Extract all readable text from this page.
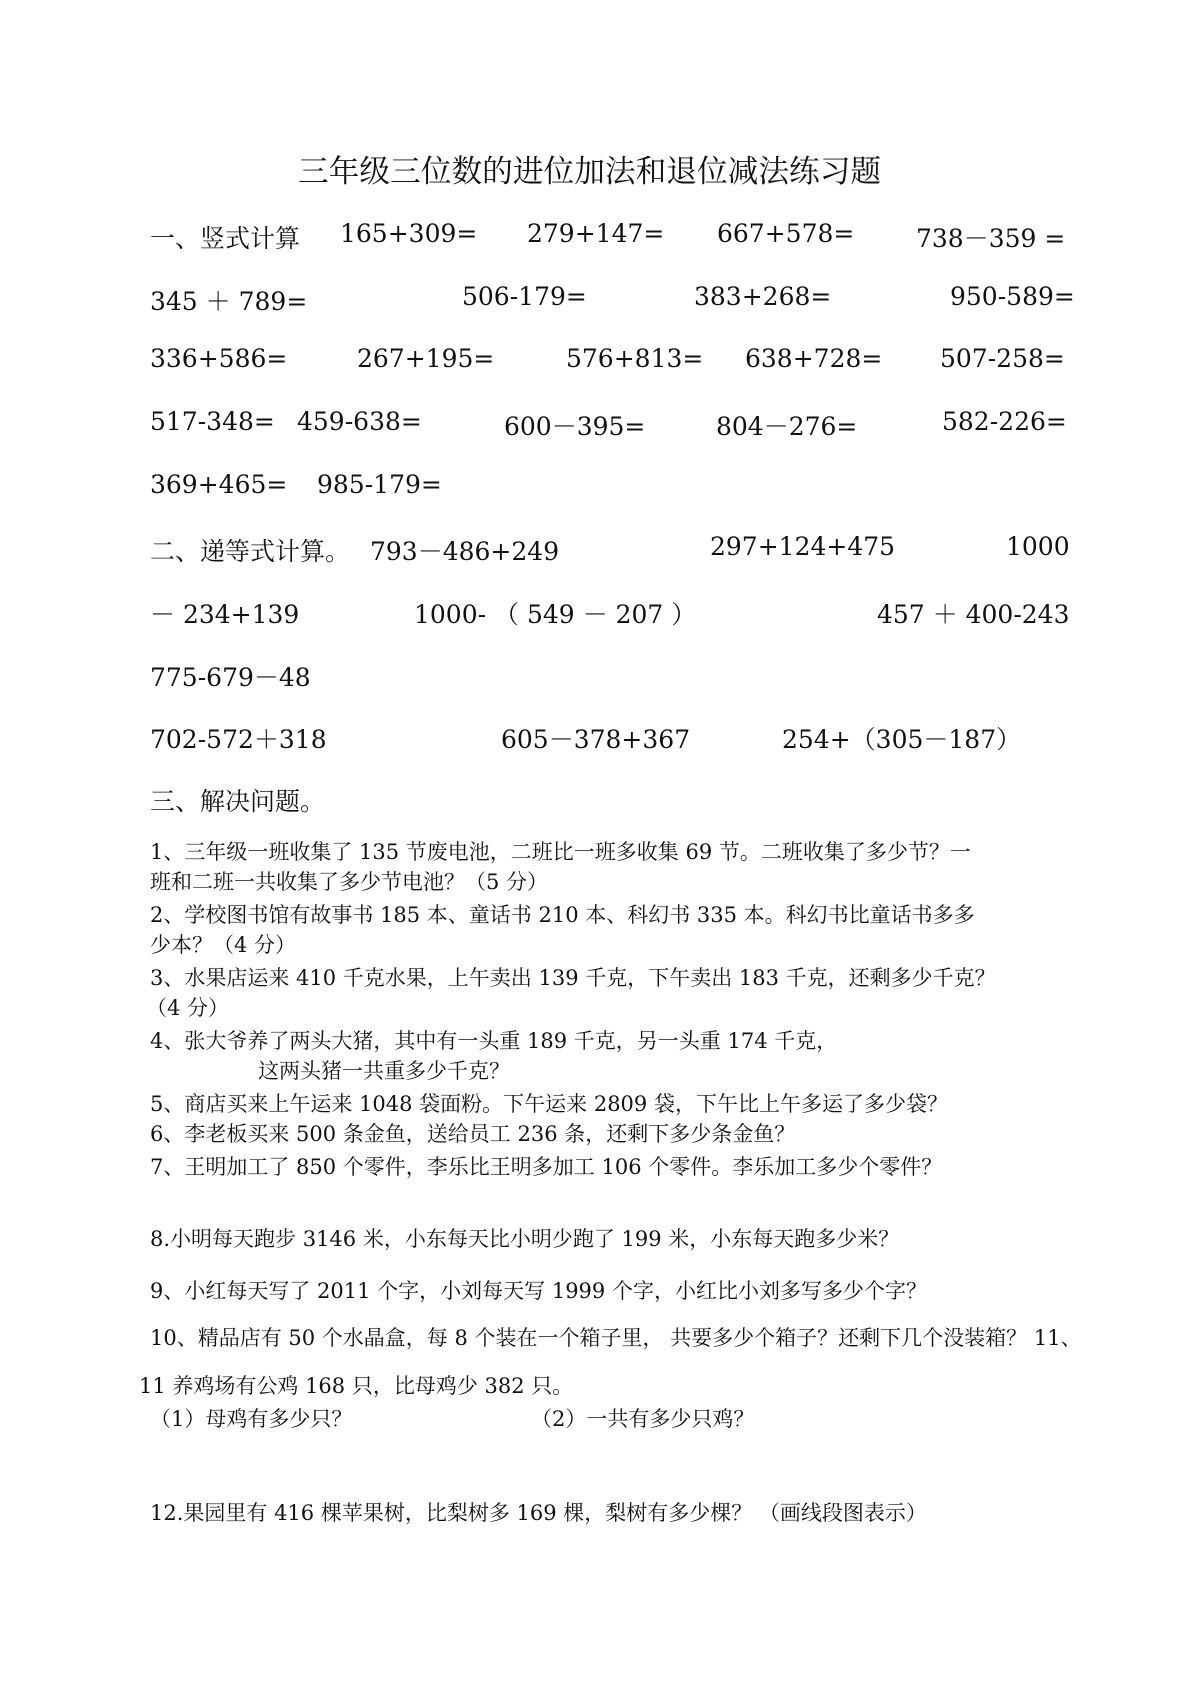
三年级三位数的进位加法和退位减法练习题
一、竖式计算 165+309= 279+147= 667+578= 738－359 =
345 ＋ 789=	506-179=	383+268=	950-589=
336+586=	267+195=	576+813= 638+728= 507-258=
517-348= 459-638=	600－395=	804－276=	582-226=
369+465= 985-179=
二、递等式计算。 793－486+249	297+124+475	1000
－ 234+139	1000- （ 549 － 207 ）	457 ＋ 400-243
775-679－48
702-572＋318	605－378+367	254+（305－187）
三、解决问题。
1、三年级一班收集了 135 节废电池，二班比一班多收集 69 节。二班收集了多少节？一
班和二班一共收集了多少节电池？（5 分）
2、学校图书馆有故事书 185 本、童话书 210 本、科幻书 335 本。科幻书比童话书多多
少本？（4 分）
3、水果店运来 410 千克水果，上午卖出 139 千克，下午卖出 183 千克，还剩多少千克？
（4 分）
4、张大爷养了两头大猪，其中有一头重 189 千克，另一头重 174 千克，
这两头猪一共重多少千克？
5、商店买来上午运来 1048 袋面粉。下午运来 2809 袋，下午比上午多运了多少袋？
6、李老板买来 500 条金鱼，送给员工 236 条，还剩下多少条金鱼？
7、王明加工了 850 个零件，李乐比王明多加工 106 个零件。李乐加工多少个零件？
8.小明每天跑步 3146 米，小东每天比小明少跑了 199 米，小东每天跑多少米？
9、小红每天写了 2011 个字，小刘每天写 1999 个字，小红比小刘多写多少个字？
10、精品店有 50 个水晶盒，每 8 个装在一个箱子里， 共要多少个箱子？还剩下几个没装箱？ 11、
11 养鸡场有公鸡 168 只，比母鸡少 382 只。
（1）母鸡有多少只？	（2）一共有多少只鸡？
12.果园里有 416 棵苹果树，比梨树多 169 棵，梨树有多少棵？ （画线段图表示）
